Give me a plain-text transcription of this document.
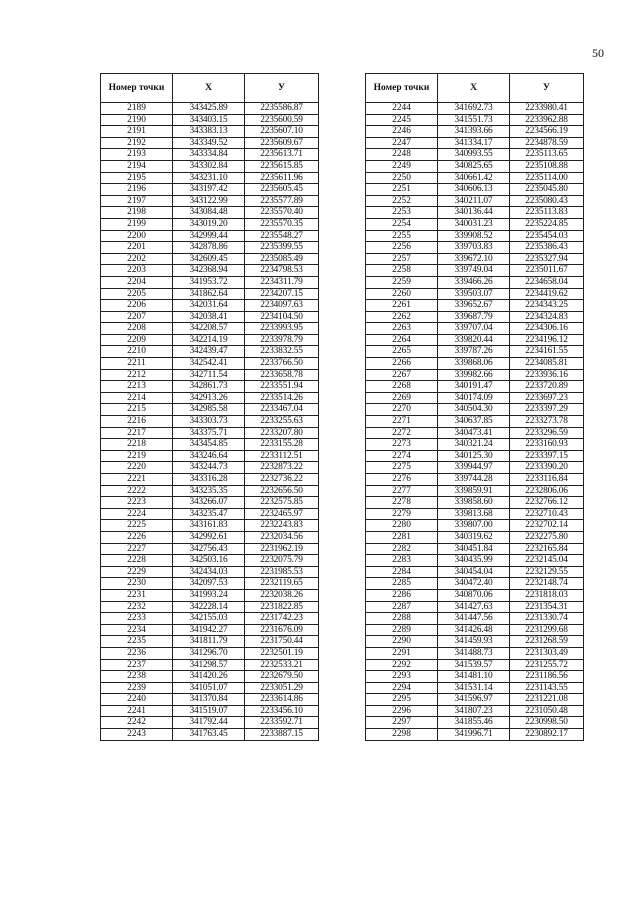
50
Номер точки	X	У
2189	343425.89	2235586.87
2190	343403.15	2235600.59
2191	343383.13	2235607.10
2192	343349.52	2235609.67
2193	343334.84	2235613.71
2194	343302.84	2235615.85
2195	343231.10	2235611.96
2196	343197.42	2235605.45
2197	343122.99	2235577.89
2198	343084.48	2235570.40
2199	343019.20	2235570.35
2200	342999.44	2235548.27
2201	342878.86	2235399.55
2202	342609.45	2235085.49
2203	342368.94	2234798.53
2204	341953.72	2234311.79
2205	341862.64	2234207.15
2206	342031.64	2234097.63
2207	342038.41	2234104.50
2208	342208.57	2233993.95
2209	342214.19	2233978.79
2210	342439.47	2233832.55
2211	342542.41	2233766.50
2212	342711.54	2233658.78
2213	342861.73	2233551.94
2214	342913.26	2233514.26
2215	342985.58	2233467.04
2216	343303.73	2233255.63
2217	343375.71	2233207.80
2218	343454.85	2233155.28
2219	343246.64	2233112.51
2220	343244.73	2232873.22
2221	343316.28	2232736.22
2222	343235.35	2232656.50
2223	343266.07	2232575.85
2224	343235.47	2232465.97
2225	343161.83	2232243.83
2226	342992.61	2232034.56
2227	342756.43	2231962.19
2228	342503.16	2232075.79
2229	342434.03	2231985.53
2230	342097.53	2232119.65
2231	341993.24	2232038.26
2232	342228.14	2231822.85
2233	342155.03	2231742.23
2234	341942.27	2231676.09
2235	341811.79	2231750.44
2236	341296.70	2232501.19
2237	341298.57	2232533.21
2238	341420.26	2232679.50
2239	341051.07	2233051.29
2240	341370.84	2233614.86
2241	341519.07	2233456.10
2242	341792.44	2233592.71
2243	341763.45	2233887.15
Номер точки	X	У
2244	341692.73	2233980.41
2245	341551.73	2233962.88
2246	341393.66	2234566.19
2247	341334.17	2234878.59
2248	340993.55	2235113.65
2249	340825.65	2235108.88
2250	340661.42	2235114.00
2251	340606.13	2235045.80
2252	340211.07	2235080.43
2253	340136.44	2235113.83
2254	340031.23	2235224.85
2255	339908.52	2235454.03
2256	339703.83	2235386.43
2257	339672.10	2235327.94
2258	339749.04	2235011.67
2259	339466.26	2234658.04
2260	339503.07	2234419.62
2261	339652.67	2234343.25
2262	339687.79	2234324.83
2263	339707.04	2234306.16
2264	339820.44	2234196.12
2265	339787.26	2234161.55
2266	339868.06	2234085.81
2267	339982.66	2233936.16
2268	340191.47	2233720.89
2269	340174.09	2233697.23
2270	340504.30	2233397.29
2271	340637.85	2233273.78
2272	340473.41	2233296.59
2273	340321.24	2233160.93
2274	340125.30	2233397.15
2275	339944.97	2233390.20
2276	339744.28	2233116.84
2277	339859.91	2232806.06
2278	339858.60	2232766.12
2279	339813.68	2232710.43
2280	339807.00	2232702.14
2281	340319.62	2232275.80
2282	340451.84	2232165.84
2283	340435.99	2232145.04
2284	340454.04	2232129.55
2285	340472.40	2232148.74
2286	340870.06	2231818.03
2287	341427.63	2231354.31
2288	341447.56	2231330.74
2289	341426.48	2231299.68
2290	341459.93	2231268.59
2291	341488.73	2231303.49
2292	341539.57	2231255.72
2293	341481.10	2231186.56
2294	341531.14	2231143.55
2295	341596.97	2231221.08
2296	341807.23	2231050.48
2297	341855.46	2230998.50
2298	341996.71	2230892.17
